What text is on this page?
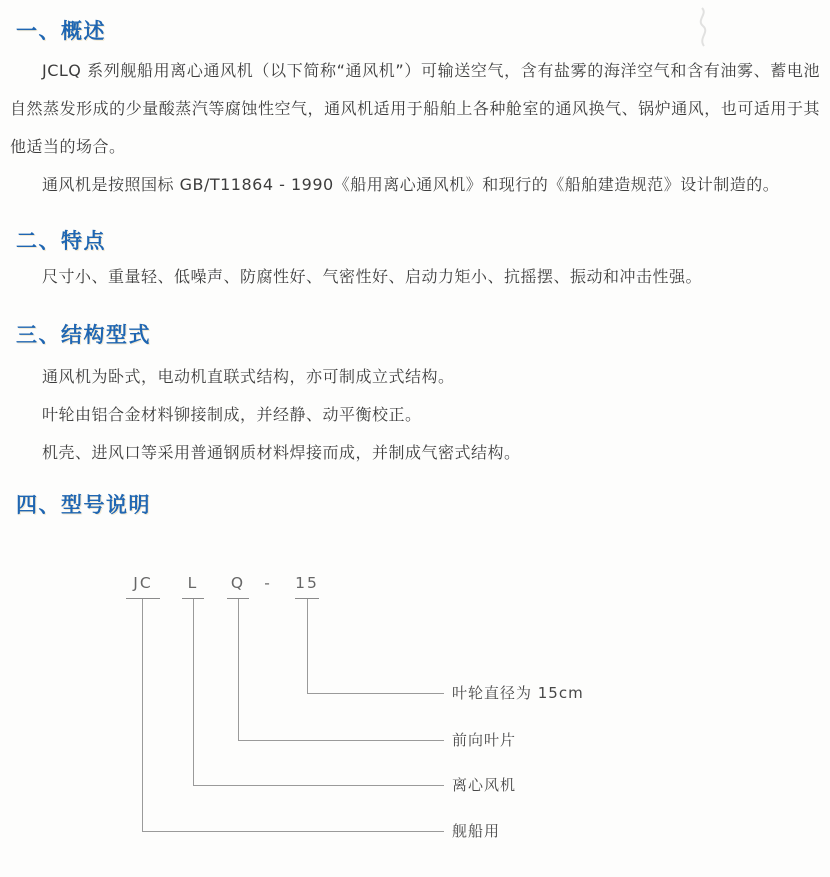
一、概述

JCLQ 系列舰船用离心通风机（以下简称“通风机”）可输送空气，含有盐雾的海洋空气和含有油雾、蓄电池自然蒸发形成的少量酸蒸汽等腐蚀性空气，通风机适用于船舶上各种舱室的通风换气、锅炉通风，也可适用于其他适当的场合。

通风机是按照国标 GB/T11864 - 1990《船用离心通风机》和现行的《船舶建造规范》设计制造的。

二、特点

尺寸小、重量轻、低噪声、防腐性好、气密性好、启动力矩小、抗摇摆、振动和冲击性强。

三、结构型式

通风机为卧式，电动机直联式结构，亦可制成立式结构。

叶轮由铝合金材料铆接制成，并经静、动平衡校正。

机壳、进风口等采用普通钢质材料焊接而成，并制成气密式结构。

四、型号说明
JC	L	Q	-	15
叶轮直径为 15cm
前向叶片
离心风机
舰船用
